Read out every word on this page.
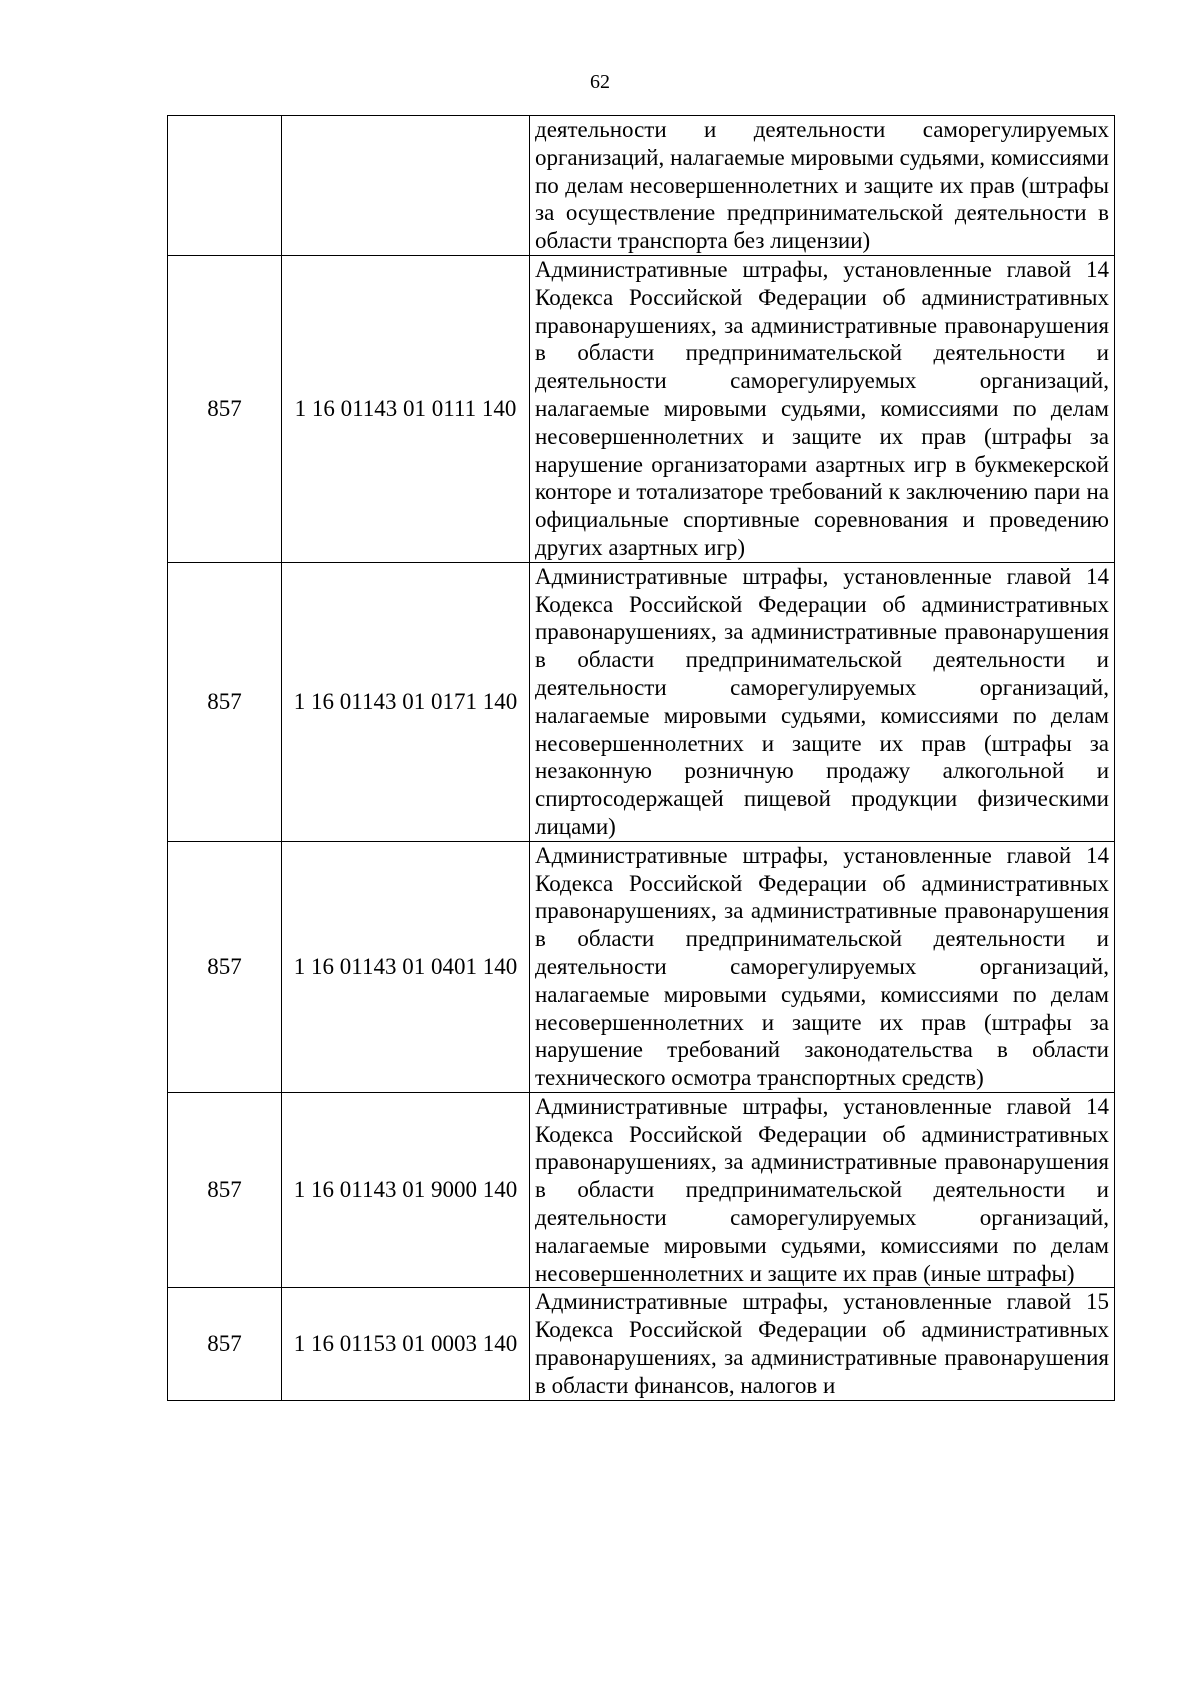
62
		деятельности и деятельности саморегулируемых организаций, налагаемые мировыми судьями, комиссиями по делам несовершеннолетних и защите их прав (штрафы за осуществление предпринимательской деятельности в области транспорта без лицензии)
857	1 16 01143 01 0111 140	Административные штрафы, установленные главой 14 Кодекса Российской Федерации об административных правонарушениях, за административные правонарушения в области предпринимательской деятельности и деятельности саморегулируемых организаций, налагаемые мировыми судьями, комиссиями по делам несовершеннолетних и защите их прав (штрафы за нарушение организаторами азартных игр в букмекерской конторе и тотализаторе требований к заключению пари на официальные спортивные соревнования и проведению других азартных игр)
857	1 16 01143 01 0171 140	Административные штрафы, установленные главой 14 Кодекса Российской Федерации об административных правонарушениях, за административные правонарушения в области предпринимательской деятельности и деятельности саморегулируемых организаций, налагаемые мировыми судьями, комиссиями по делам несовершеннолетних и защите их прав (штрафы за незаконную розничную продажу алкогольной и спиртосодержащей пищевой продукции физическими лицами)
857	1 16 01143 01 0401 140	Административные штрафы, установленные главой 14 Кодекса Российской Федерации об административных правонарушениях, за административные правонарушения в области предпринимательской деятельности и деятельности саморегулируемых организаций, налагаемые мировыми судьями, комиссиями по делам несовершеннолетних и защите их прав (штрафы за нарушение требований законодательства в области технического осмотра транспортных средств)
857	1 16 01143 01 9000 140	Административные штрафы, установленные главой 14 Кодекса Российской Федерации об административных правонарушениях, за административные правонарушения в области предпринимательской деятельности и деятельности саморегулируемых организаций, налагаемые мировыми судьями, комиссиями по делам несовершеннолетних и защите их прав (иные штрафы)
857	1 16 01153 01 0003 140	Административные штрафы, установленные главой 15 Кодекса Российской Федерации об административных правонарушениях, за административные правонарушения в области финансов, налогов и
